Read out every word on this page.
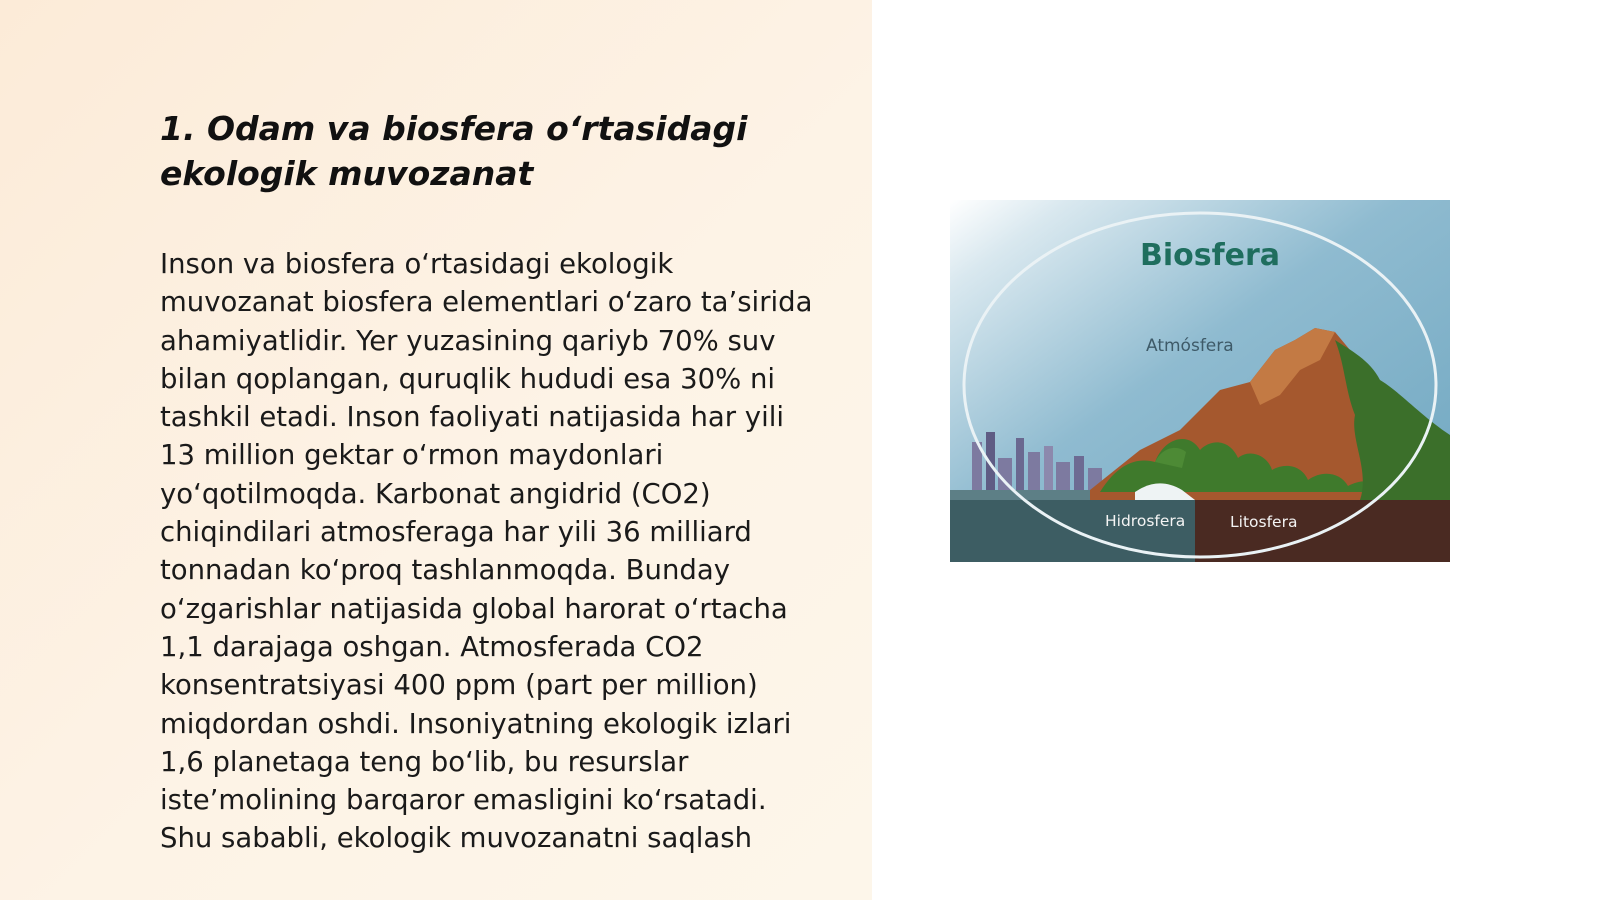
1. Odam va biosfera o‘rtasidagi ekologik muvozanat

Inson va biosfera o‘rtasidagi ekologik muvozanat biosfera elementlari o‘zaro ta’sirida ahamiyatlidir. Yer yuzasining qariyb 70% suv bilan qoplangan, quruqlik hududi esa 30% ni tashkil etadi. Inson faoliyati natijasida har yili 13 million gektar o‘rmon maydonlari yo‘qotilmoqda. Karbonat angidrid (CO2) chiqindilari atmosferaga har yili 36 milliard tonnadan ko‘proq tashlanmoqda. Bunday o‘zgarishlar natijasida global harorat o‘rtacha 1,1 darajaga oshgan. Atmosferada CO2 konsentratsiyasi 400 ppm (part per million) miqdordan oshdi. Insoniyatning ekologik izlari 1,6 planetaga teng bo‘lib, bu resurslar iste’molining barqaror emasligini ko‘rsatadi. Shu sababli, ekologik muvozanatni saqlash

Biosfera
Atmósfera
Hidrosfera	Litosfera
